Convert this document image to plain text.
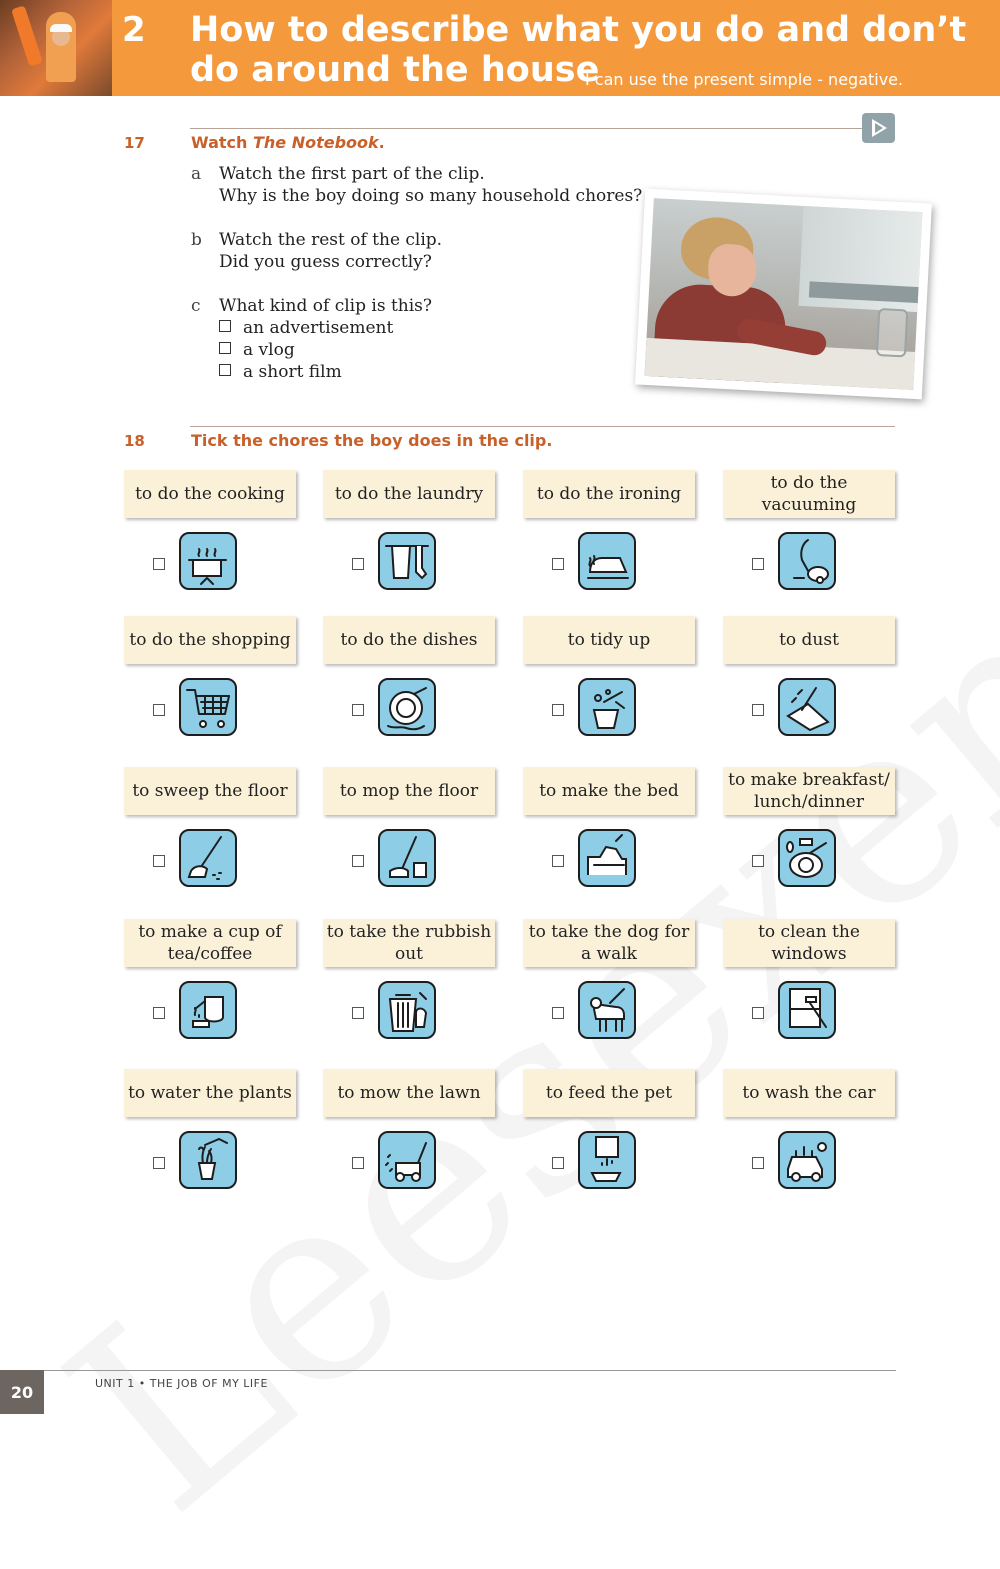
2 How to describe what you do and don’t do around the house
I can use the present simple - negative.
17	Watch The Notebook.
a Watch the first part of the clip.
Why is the boy doing so many household chores?
b Watch the rest of the clip.
Did you guess correctly?
c What kind of clip is this?
an advertisement
a vlog
a short film
18	Tick the chores the boy does in the clip.
to do the cooking	to do the laundry	to do the ironing
to do the vacuuming
to do the shopping	to do the dishes	to tidy up	to dust
to sweep the floor	to mop the floor	to make the bed
to make breakfast/ lunch/dinner
to make a cup of tea/coffee
to take the rubbish out
to take the dog for a walk
to clean the windows
to water the plants	to mow the lawn	to feed the pet	to wash the car
20	UNIT 1 • THE JOB OF MY LIFE
